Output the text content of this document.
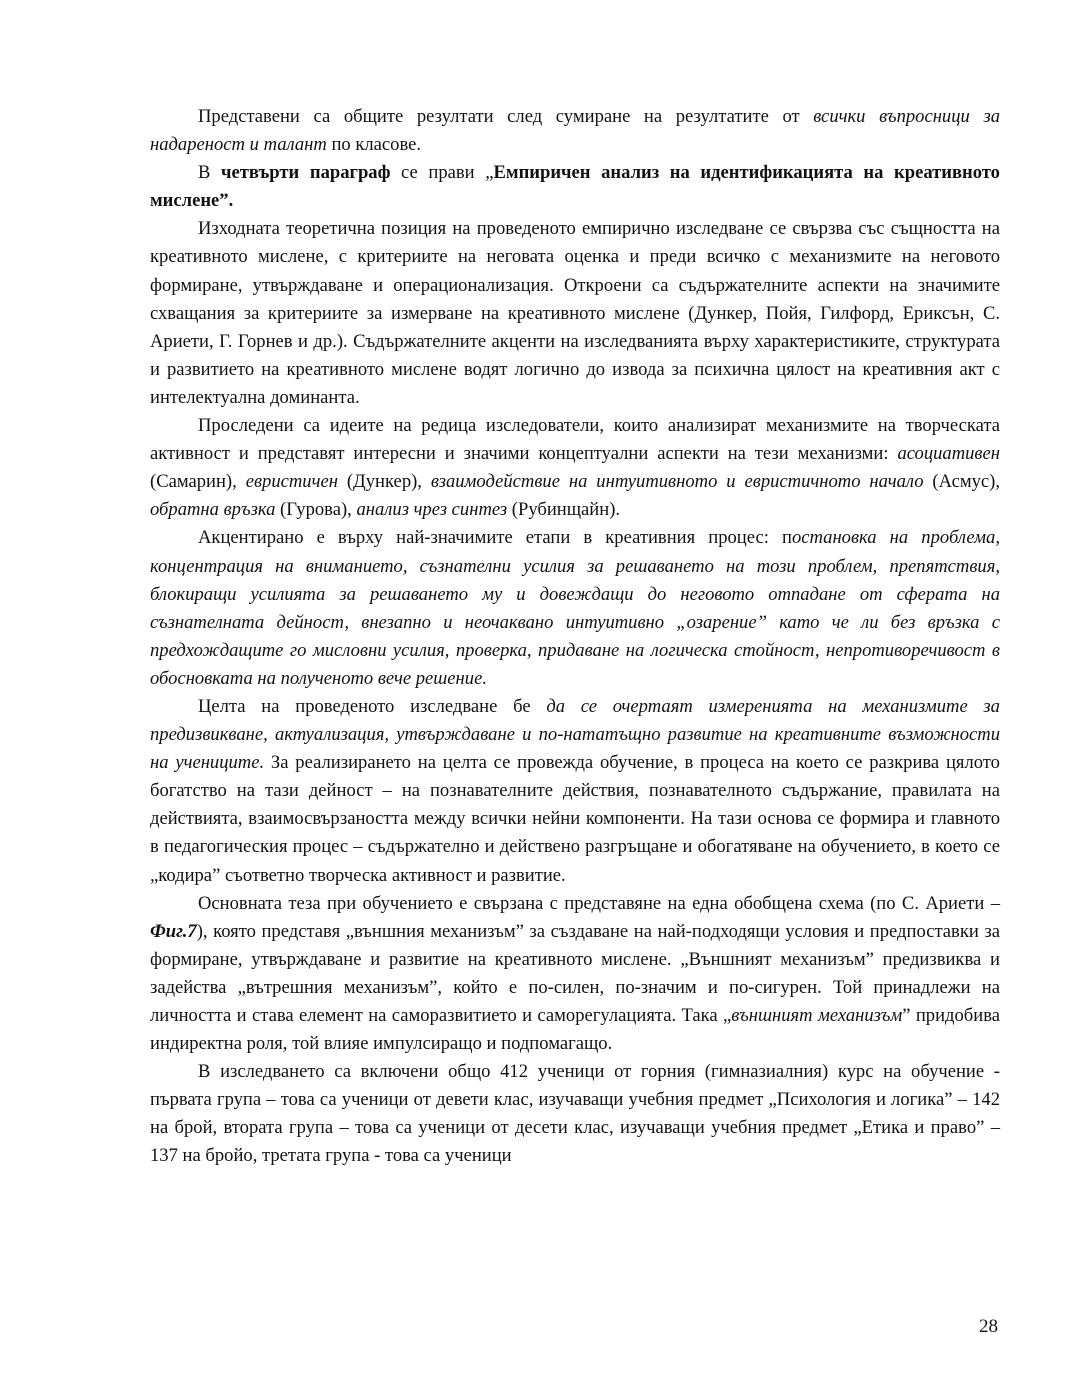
Представени са общите резултати след сумиране на резултатите от всички въпросници за надареност и талант по класове.

В четвърти параграф се прави „Емпиричен анализ на идентификацията на креативното мислене”.

Изходната теоретична позиция на проведеното емпирично изследване се свързва със същността на креативното мислене, с критериите на неговата оценка и преди всичко с механизмите на неговото формиране, утвърждаване и операционализация. Откроени са съдържателните аспекти на значимите схващания за критериите за измерване на креативното мислене (Дункер, Пойя, Гилфорд, Ериксън, С. Ариети, Г. Горнев и др.). Съдържателните акценти на изследванията върху характеристиките, структурата и развитието на креативното мислене водят логично до извода за психична цялост на креативния акт с интелектуална доминанта.

Проследени са идеите на редица изследователи, които анализират механизмите на творческата активност и представят интересни и значими концептуални аспекти на тези механизми: асоциативен (Самарин), евристичен (Дункер), взаимодействие на интуитивното и евристичното начало (Асмус), обратна връзка (Гурова), анализ чрез синтез (Рубинщайн).

Акцентирано е върху най-значимите етапи в креативния процес: постановка на проблема, концентрация на вниманието, съзнателни усилия за решаването на този проблем, препятствия, блокиращи усилията за решаването му и довеждащи до неговото отпадане от сферата на съзнателната дейност, внезапно и неочаквано интуитивно „озарение” като че ли без връзка с предхождащите го мисловни усилия, проверка, придаване на логическа стойност, непротиворечивост в обосновката на полученото вече решение.

Целта на проведеното изследване бе да се очертаят измеренията на механизмите за предизвикване, актуализация, утвърждаване и по-нататъщно развитие на креативните възможности на учениците. За реализирането на целта се провежда обучение, в процеса на което се разкрива цялото богатство на тази дейност – на познавателните действия, познавателното съдържание, правилата на действията, взаимосвързаността между всички нейни компоненти. На тази основа се формира и главното в педагогическия процес – съдържателно и действено разгръщане и обогатяване на обучението, в което се „кодира” съответно творческа активност и развитие.

Основната теза при обучението е свързана с представяне на една обобщена схема (по С. Ариети – Фиг.7), която представя „външния механизъм” за създаване на най-подходящи условия и предпоставки за формиране, утвърждаване и развитие на креативното мислене. „Външният механизъм” предизвиква и задейства „вътрешния механизъм”, който е по-силен, по-значим и по-сигурен. Той принадлежи на личността и става елемент на саморазвитието и саморегулацията. Така „външният механизъм” придобива индиректна роля, той влияе импулсиращо и подпомагащо.

В изследването са включени общо 412 ученици от горния (гимназиалния) курс на обучение - първата група – това са ученици от девети клас, изучаващи учебния предмет „Психология и логика” – 142 на брой, втората група – това са ученици от десети клас, изучаващи учебния предмет „Етика и право” – 137 на бройо, третата група - това са ученици

28
